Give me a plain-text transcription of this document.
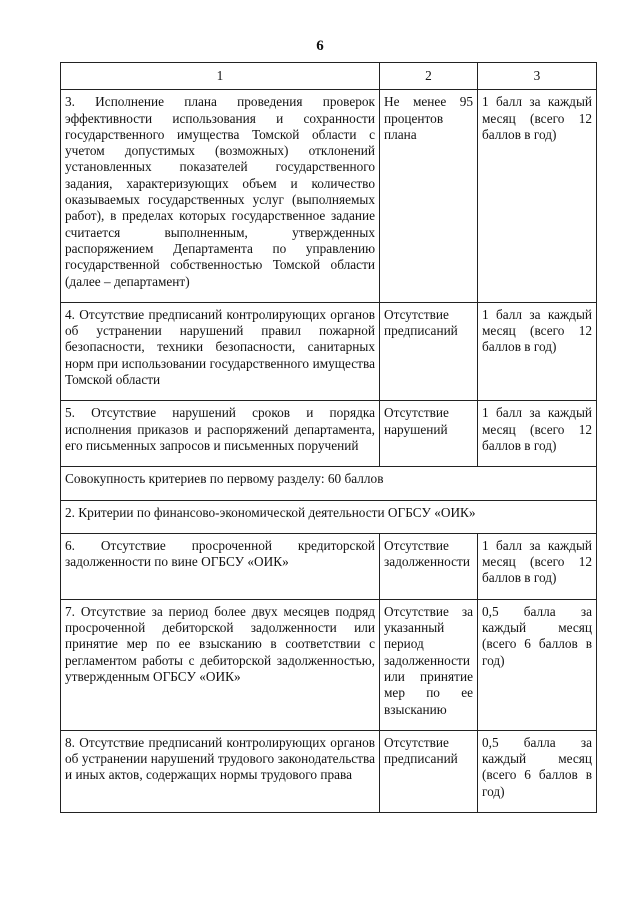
6
1	2	3
3. Исполнение плана проведения проверок эффективности использования и сохранности государственного имущества Томской области с учетом допустимых (возможных) отклонений установленных показателей государственного задания, характеризующих объем и количество оказываемых государственных услуг (выполняемых работ), в пределах которых государственное задание считается выполненным, утвержденных распоряжением Департамента по управлению государственной собственностью Томской области (далее – департамент)	Не менее 95 процентов плана	1 балл за каждый месяц (всего 12 баллов в год)
4. Отсутствие предписаний контролирующих органов об устранении нарушений правил пожарной безопасности, техники безопасности, санитарных норм при использовании государственного имущества Томской области	Отсутствие предписаний	1 балл за каждый месяц (всего 12 баллов в год)
5. Отсутствие нарушений сроков и порядка исполнения приказов и распоряжений департамента, его письменных запросов и письменных поручений	Отсутствие нарушений	1 балл за каждый месяц (всего 12 баллов в год)
Совокупность критериев по первому разделу: 60 баллов		
2. Критерии по финансово-экономической деятельности ОГБСУ «ОИК»		
6. Отсутствие просроченной кредиторской задолженности по вине ОГБСУ «ОИК»	Отсутствие задолженности	1 балл за каждый месяц (всего 12 баллов в год)
7. Отсутствие за период более двух месяцев подряд просроченной дебиторской задолженности или принятие мер по ее взысканию в соответствии с регламентом работы с дебиторской задолженностью, утвержденным ОГБСУ «ОИК»	Отсутствие за указанный период задолженности или принятие мер по ее взысканию	0,5 балла за каждый месяц (всего 6 баллов в год)
8. Отсутствие предписаний контролирующих органов об устранении нарушений трудового законодательства и иных актов, содержащих нормы трудового права	Отсутствие предписаний	0,5 балла за каждый месяц (всего 6 баллов в год)
